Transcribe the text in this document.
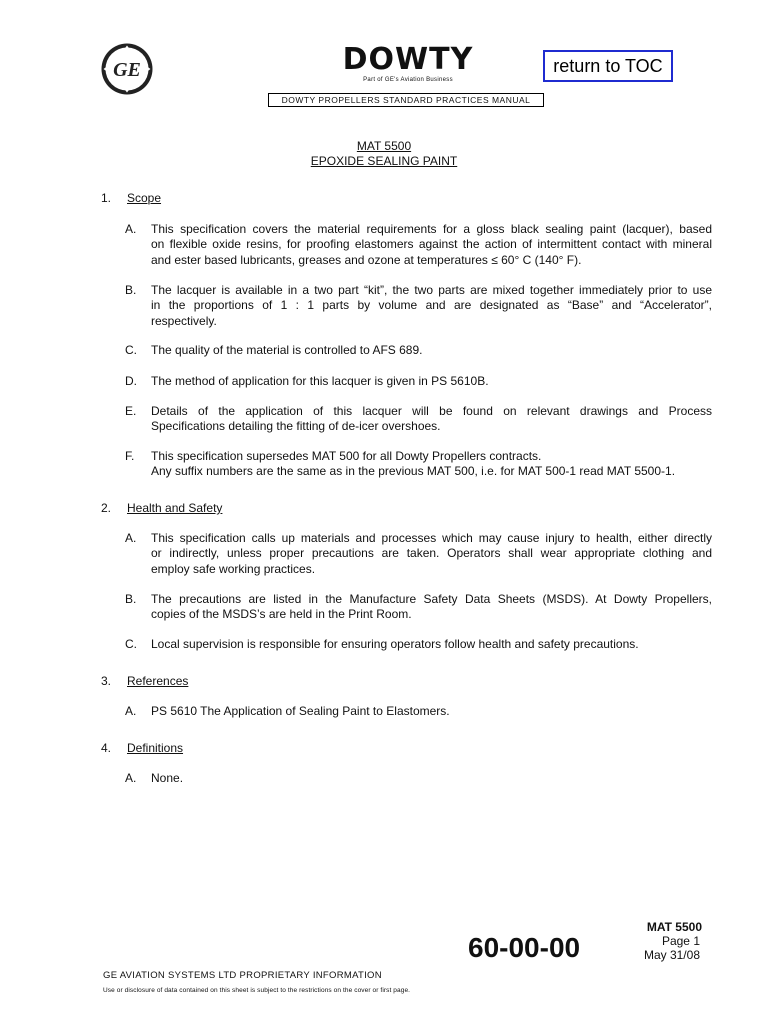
GE	DOWTY
Part of GE's Aviation Business
return to TOC
DOWTY PROPELLERS STANDARD PRACTICES MANUAL
MAT 5500
EPOXIDE SEALING PAINT
1. Scope
A. This specification covers the material requirements for a gloss black sealing paint (lacquer), based
on flexible oxide resins, for proofing elastomers against the action of intermittent contact with mineral
and ester based lubricants, greases and ozone at temperatures ≤ 60° C (140° F).
B. The lacquer is available in a two part “kit”, the two parts are mixed together immediately prior to use
in the proportions of 1 : 1 parts by volume and are designated as “Base” and “Accelerator”,
respectively.
C. The quality of the material is controlled to AFS 689.
D. The method of application for this lacquer is given in PS 5610B.
E. Details of the application of this lacquer will be found on relevant drawings and Process
Specifications detailing the fitting of de-icer overshoes.
F. This specification supersedes MAT 500 for all Dowty Propellers contracts.
Any suffix numbers are the same as in the previous MAT 500, i.e. for MAT 500-1 read MAT 5500-1.
2. Health and Safety
A. This specification calls up materials and processes which may cause injury to health, either directly
or indirectly, unless proper precautions are taken. Operators shall wear appropriate clothing and
employ safe working practices.
B. The precautions are listed in the Manufacture Safety Data Sheets (MSDS). At Dowty Propellers,
copies of the MSDS’s are held in the Print Room.
C. Local supervision is responsible for ensuring operators follow health and safety precautions.
3. References
A. PS 5610 The Application of Sealing Paint to Elastomers.
4. Definitions
A. None.
MAT 5500
Page 1
May 31/08
60-00-00
GE AVIATION SYSTEMS LTD PROPRIETARY INFORMATION
Use or disclosure of data contained on this sheet is subject to the restrictions on the cover or first page.
